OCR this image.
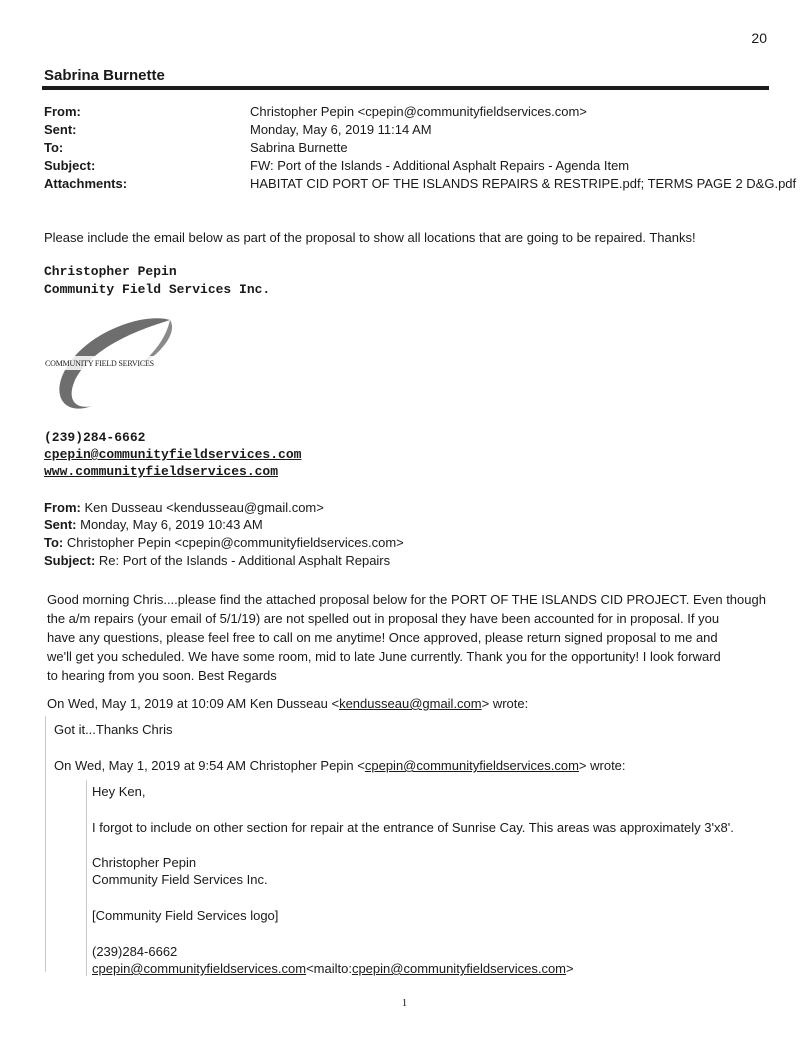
20
Sabrina Burnette
From:	Christopher Pepin <cpepin@communityfieldservices.com>
Sent:	Monday, May 6, 2019 11:14 AM
To:	Sabrina Burnette
Subject:	FW: Port of the Islands - Additional Asphalt Repairs - Agenda Item
Attachments:	HABITAT CID PORT OF THE ISLANDS REPAIRS & RESTRIPE.pdf; TERMS PAGE 2 D&G.pdf
Please include the email below as part of the proposal to show all locations that are going to be repaired. Thanks!
Christopher Pepin
Community Field Services Inc.
COMMUNITY FIELD SERVICES
(239)284-6662
cpepin@communityfieldservices.com
www.communityfieldservices.com
From: Ken Dusseau <kendusseau@gmail.com>
Sent: Monday, May 6, 2019 10:43 AM
To: Christopher Pepin <cpepin@communityfieldservices.com>
Subject: Re: Port of the Islands - Additional Asphalt Repairs
Good morning Chris....please find the attached proposal below for the PORT OF THE ISLANDS CID PROJECT. Even though
the a/m repairs (your email of 5/1/19) are not spelled out in proposal they have been accounted for in proposal. If you
have any questions, please feel free to call on me anytime! Once approved, please return signed proposal to me and
we'll get you scheduled. We have some room, mid to late June currently. Thank you for the opportunity! I look forward
to hearing from you soon. Best Regards
On Wed, May 1, 2019 at 10:09 AM Ken Dusseau <kendusseau@gmail.com> wrote:
Got it...Thanks Chris
On Wed, May 1, 2019 at 9:54 AM Christopher Pepin <cpepin@communityfieldservices.com> wrote:
Hey Ken,
I forgot to include on other section for repair at the entrance of Sunrise Cay. This areas was approximately 3'x8'.
Christopher Pepin
Community Field Services Inc.
[Community Field Services logo]
(239)284-6662
cpepin@communityfieldservices.com<mailto:cpepin@communityfieldservices.com>
1
